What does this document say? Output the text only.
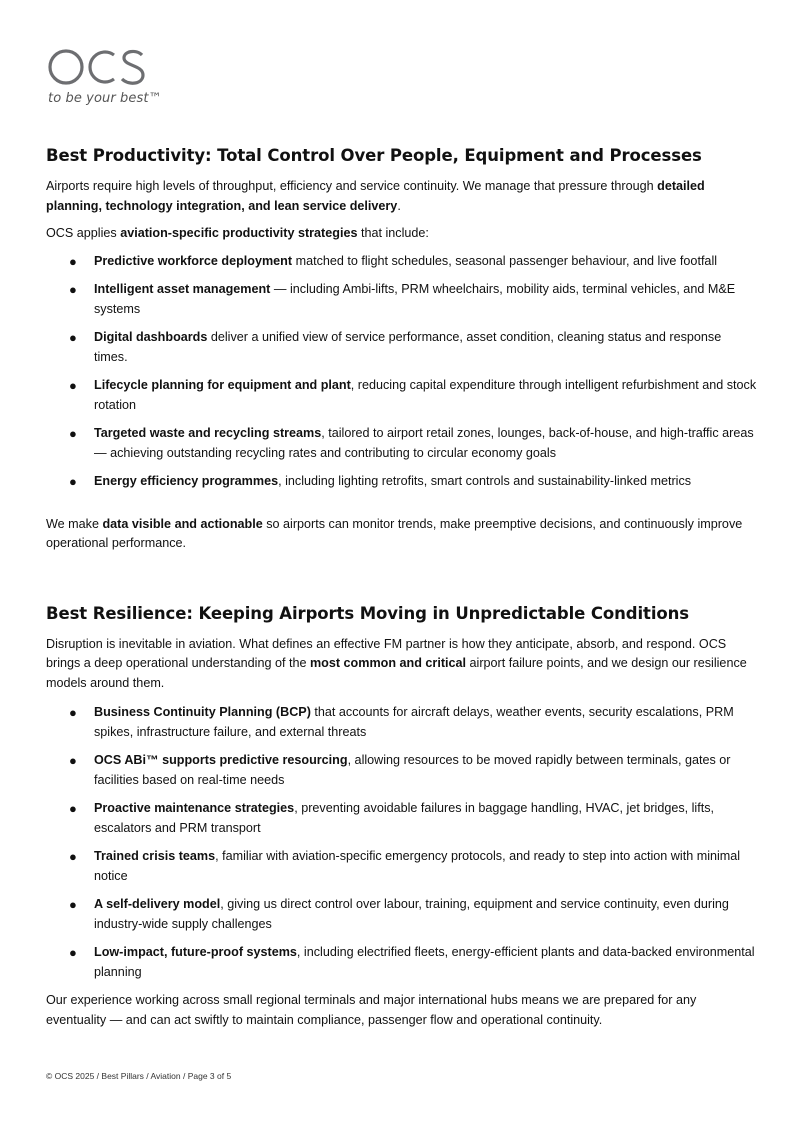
to be your best™
Best Productivity: Total Control Over People, Equipment and Processes

Airports require high levels of throughput, efficiency and service continuity. We manage that pressure through detailed planning, technology integration, and lean service delivery.

OCS applies aviation-specific productivity strategies that include:

● Predictive workforce deployment matched to flight schedules, seasonal passenger behaviour, and live footfall
● Intelligent asset management — including Ambi-lifts, PRM wheelchairs, mobility aids, terminal vehicles, and M&E systems
● Digital dashboards deliver a unified view of service performance, asset condition, cleaning status and response times.
● Lifecycle planning for equipment and plant, reducing capital expenditure through intelligent refurbishment and stock rotation
● Targeted waste and recycling streams, tailored to airport retail zones, lounges, back-of-house, and high-traffic areas — achieving outstanding recycling rates and contributing to circular economy goals
● Energy efficiency programmes, including lighting retrofits, smart controls and sustainability-linked metrics

We make data visible and actionable so airports can monitor trends, make preemptive decisions, and continuously improve operational performance.

Best Resilience: Keeping Airports Moving in Unpredictable Conditions

Disruption is inevitable in aviation. What defines an effective FM partner is how they anticipate, absorb, and respond. OCS brings a deep operational understanding of the most common and critical airport failure points, and we design our resilience models around them.

● Business Continuity Planning (BCP) that accounts for aircraft delays, weather events, security escalations, PRM spikes, infrastructure failure, and external threats
● OCS ABi™ supports predictive resourcing, allowing resources to be moved rapidly between terminals, gates or facilities based on real-time needs
● Proactive maintenance strategies, preventing avoidable failures in baggage handling, HVAC, jet bridges, lifts, escalators and PRM transport
● Trained crisis teams, familiar with aviation-specific emergency protocols, and ready to step into action with minimal notice
● A self-delivery model, giving us direct control over labour, training, equipment and service continuity, even during industry-wide supply challenges
● Low-impact, future-proof systems, including electrified fleets, energy-efficient plants and data-backed environmental planning

Our experience working across small regional terminals and major international hubs means we are prepared for any eventuality — and can act swiftly to maintain compliance, passenger flow and operational continuity.

© OCS 2025 / Best Pillars / Aviation / Page 3 of 5
